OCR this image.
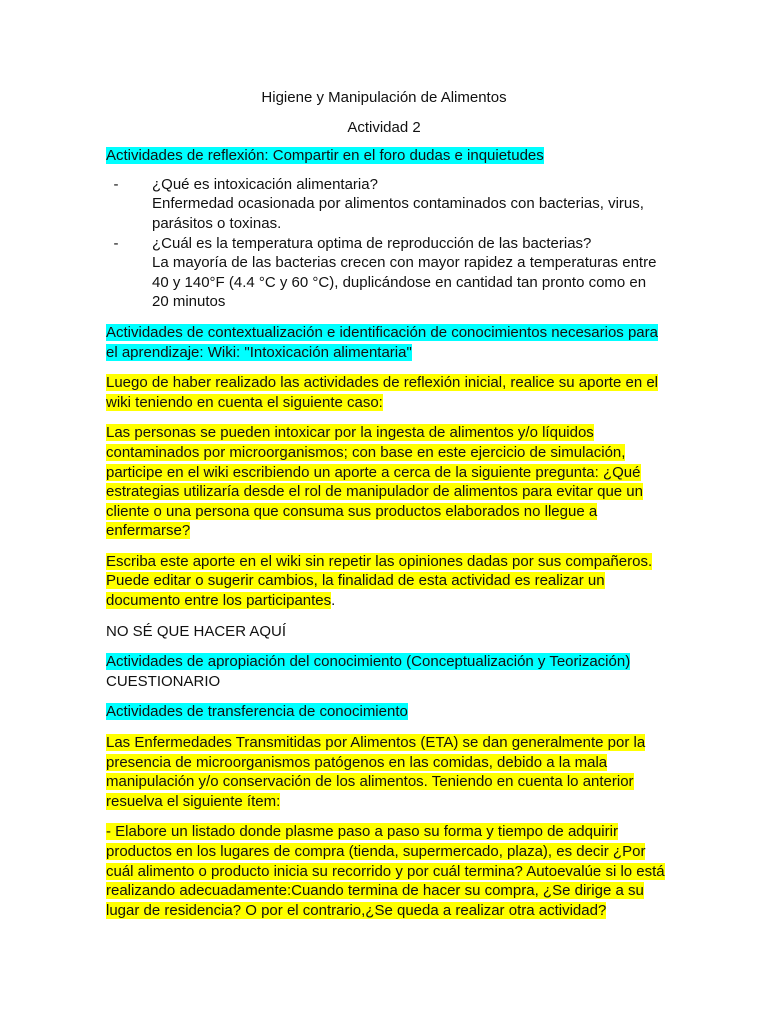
Higiene y Manipulación de Alimentos

Actividad 2

Actividades de reflexión: Compartir en el foro dudas e inquietudes

-	¿Qué es intoxicación alimentaria?
Enfermedad ocasionada por alimentos contaminados con bacterias, virus, parásitos o toxinas.
-	¿Cuál es la temperatura optima de reproducción de las bacterias?
La mayoría de las bacterias crecen con mayor rapidez a temperaturas entre 40 y 140°F (4.4 °C y 60 °C), duplicándose en cantidad tan pronto como en 20 minutos

Actividades de contextualización e identificación de conocimientos necesarios para el aprendizaje: Wiki: "Intoxicación alimentaria"

Luego de haber realizado las actividades de reflexión inicial, realice su aporte en el wiki teniendo en cuenta el siguiente caso:

Las personas se pueden intoxicar por la ingesta de alimentos y/o líquidos contaminados por microorganismos; con base en este ejercicio de simulación, participe en el wiki escribiendo un aporte a cerca de la siguiente pregunta: ¿Qué estrategias utilizaría desde el rol de manipulador de alimentos para evitar que un cliente o una persona que consuma sus productos elaborados no llegue a enfermarse?

Escriba este aporte en el wiki sin repetir las opiniones dadas por sus compañeros. Puede editar o sugerir cambios, la finalidad de esta actividad es realizar un documento entre los participantes.

NO SÉ QUE HACER AQUÍ

Actividades de apropiación del conocimiento (Conceptualización y Teorización)

CUESTIONARIO

Actividades de transferencia de conocimiento

Las Enfermedades Transmitidas por Alimentos (ETA) se dan generalmente por la presencia de microorganismos patógenos en las comidas, debido a la mala manipulación y/o conservación de los alimentos. Teniendo en cuenta lo anterior resuelva el siguiente ítem:

- Elabore un listado donde plasme paso a paso su forma y tiempo de adquirir productos en los lugares de compra (tienda, supermercado, plaza), es decir ¿Por cuál alimento o producto inicia su recorrido y por cuál termina? Autoevalúe si lo está realizando adecuadamente:Cuando termina de hacer su compra, ¿Se dirige a su lugar de residencia? O por el contrario,¿Se queda a realizar otra actividad?
